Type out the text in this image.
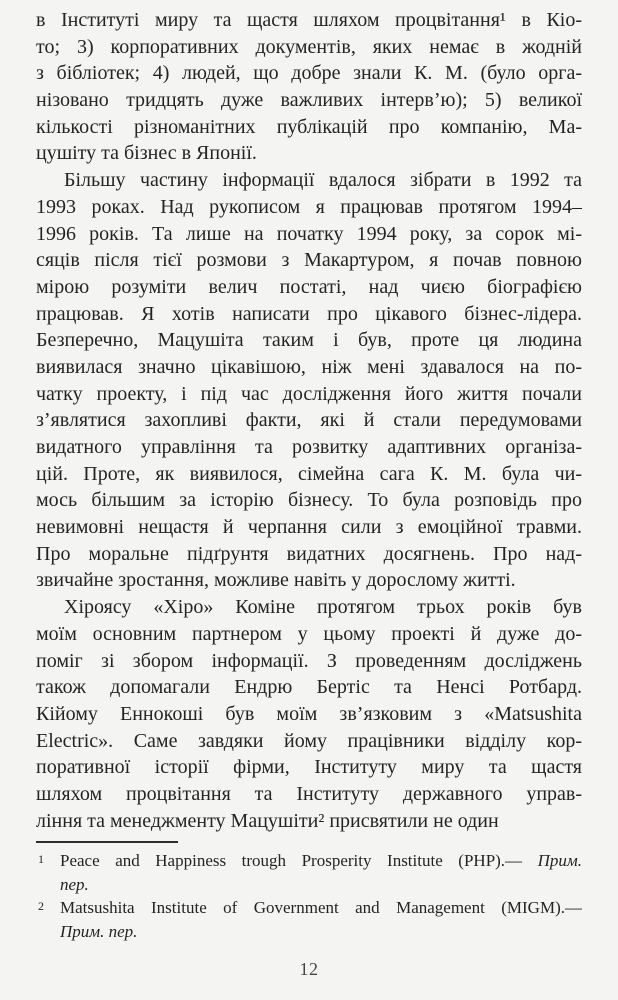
в Інституті миру та щастя шляхом процвітання¹ в Кіо-
то; 3) корпоративних документів, яких немає в жодній
з бібліотек; 4) людей, що добре знали К. М. (було орга-
нізовано тридцять дуже важливих інтерв’ю); 5) великої
кількості різноманітних публікацій про компанію, Ма-
цушіту та бізнес в Японії.
Більшу частину інформації вдалося зібрати в 1992 та
1993 роках. Над рукописом я працював протягом 1994–
1996 років. Та лише на початку 1994 року, за сорок мі-
сяців після тієї розмови з Макартуром, я почав повною
мірою розуміти велич постаті, над чиєю біографією
працював. Я хотів написати про цікавого бізнес-лідера.
Безперечно, Мацушіта таким і був, проте ця людина
виявилася значно цікавішою, ніж мені здавалося на по-
чатку проекту, і під час дослідження його життя почали
з’являтися захопливі факти, які й стали передумовами
видатного управління та розвитку адаптивних організа-
цій. Проте, як виявилося, сімейна сага К. М. була чи-
мось більшим за історію бізнесу. То була розповідь про
невимовні нещастя й черпання сили з емоційної травми.
Про моральне підґрунтя видатних досягнень. Про над-
звичайне зростання, можливе навіть у дорослому житті.
Хіроясу «Хіро» Коміне протягом трьох років був
моїм основним партнером у цьому проекті й дуже до-
поміг зі збором інформації. З проведенням досліджень
також допомагали Ендрю Бертіс та Ненсі Ротбард.
Кійому Еннокоші був моїм зв’язковим з «Matsushita
Electric». Саме завдяки йому працівники відділу кор-
поративної історії фірми, Інституту миру та щастя
шляхом процвітання та Інституту державного управ-
ління та менеджменту Мацушіти² присвятили не один
1 Peace and Happiness trough Prosperity Institute (PHP).— Прим.
пер.
2 Matsushita Institute of Government and Management (MIGM).—
Прим. пер.
12
